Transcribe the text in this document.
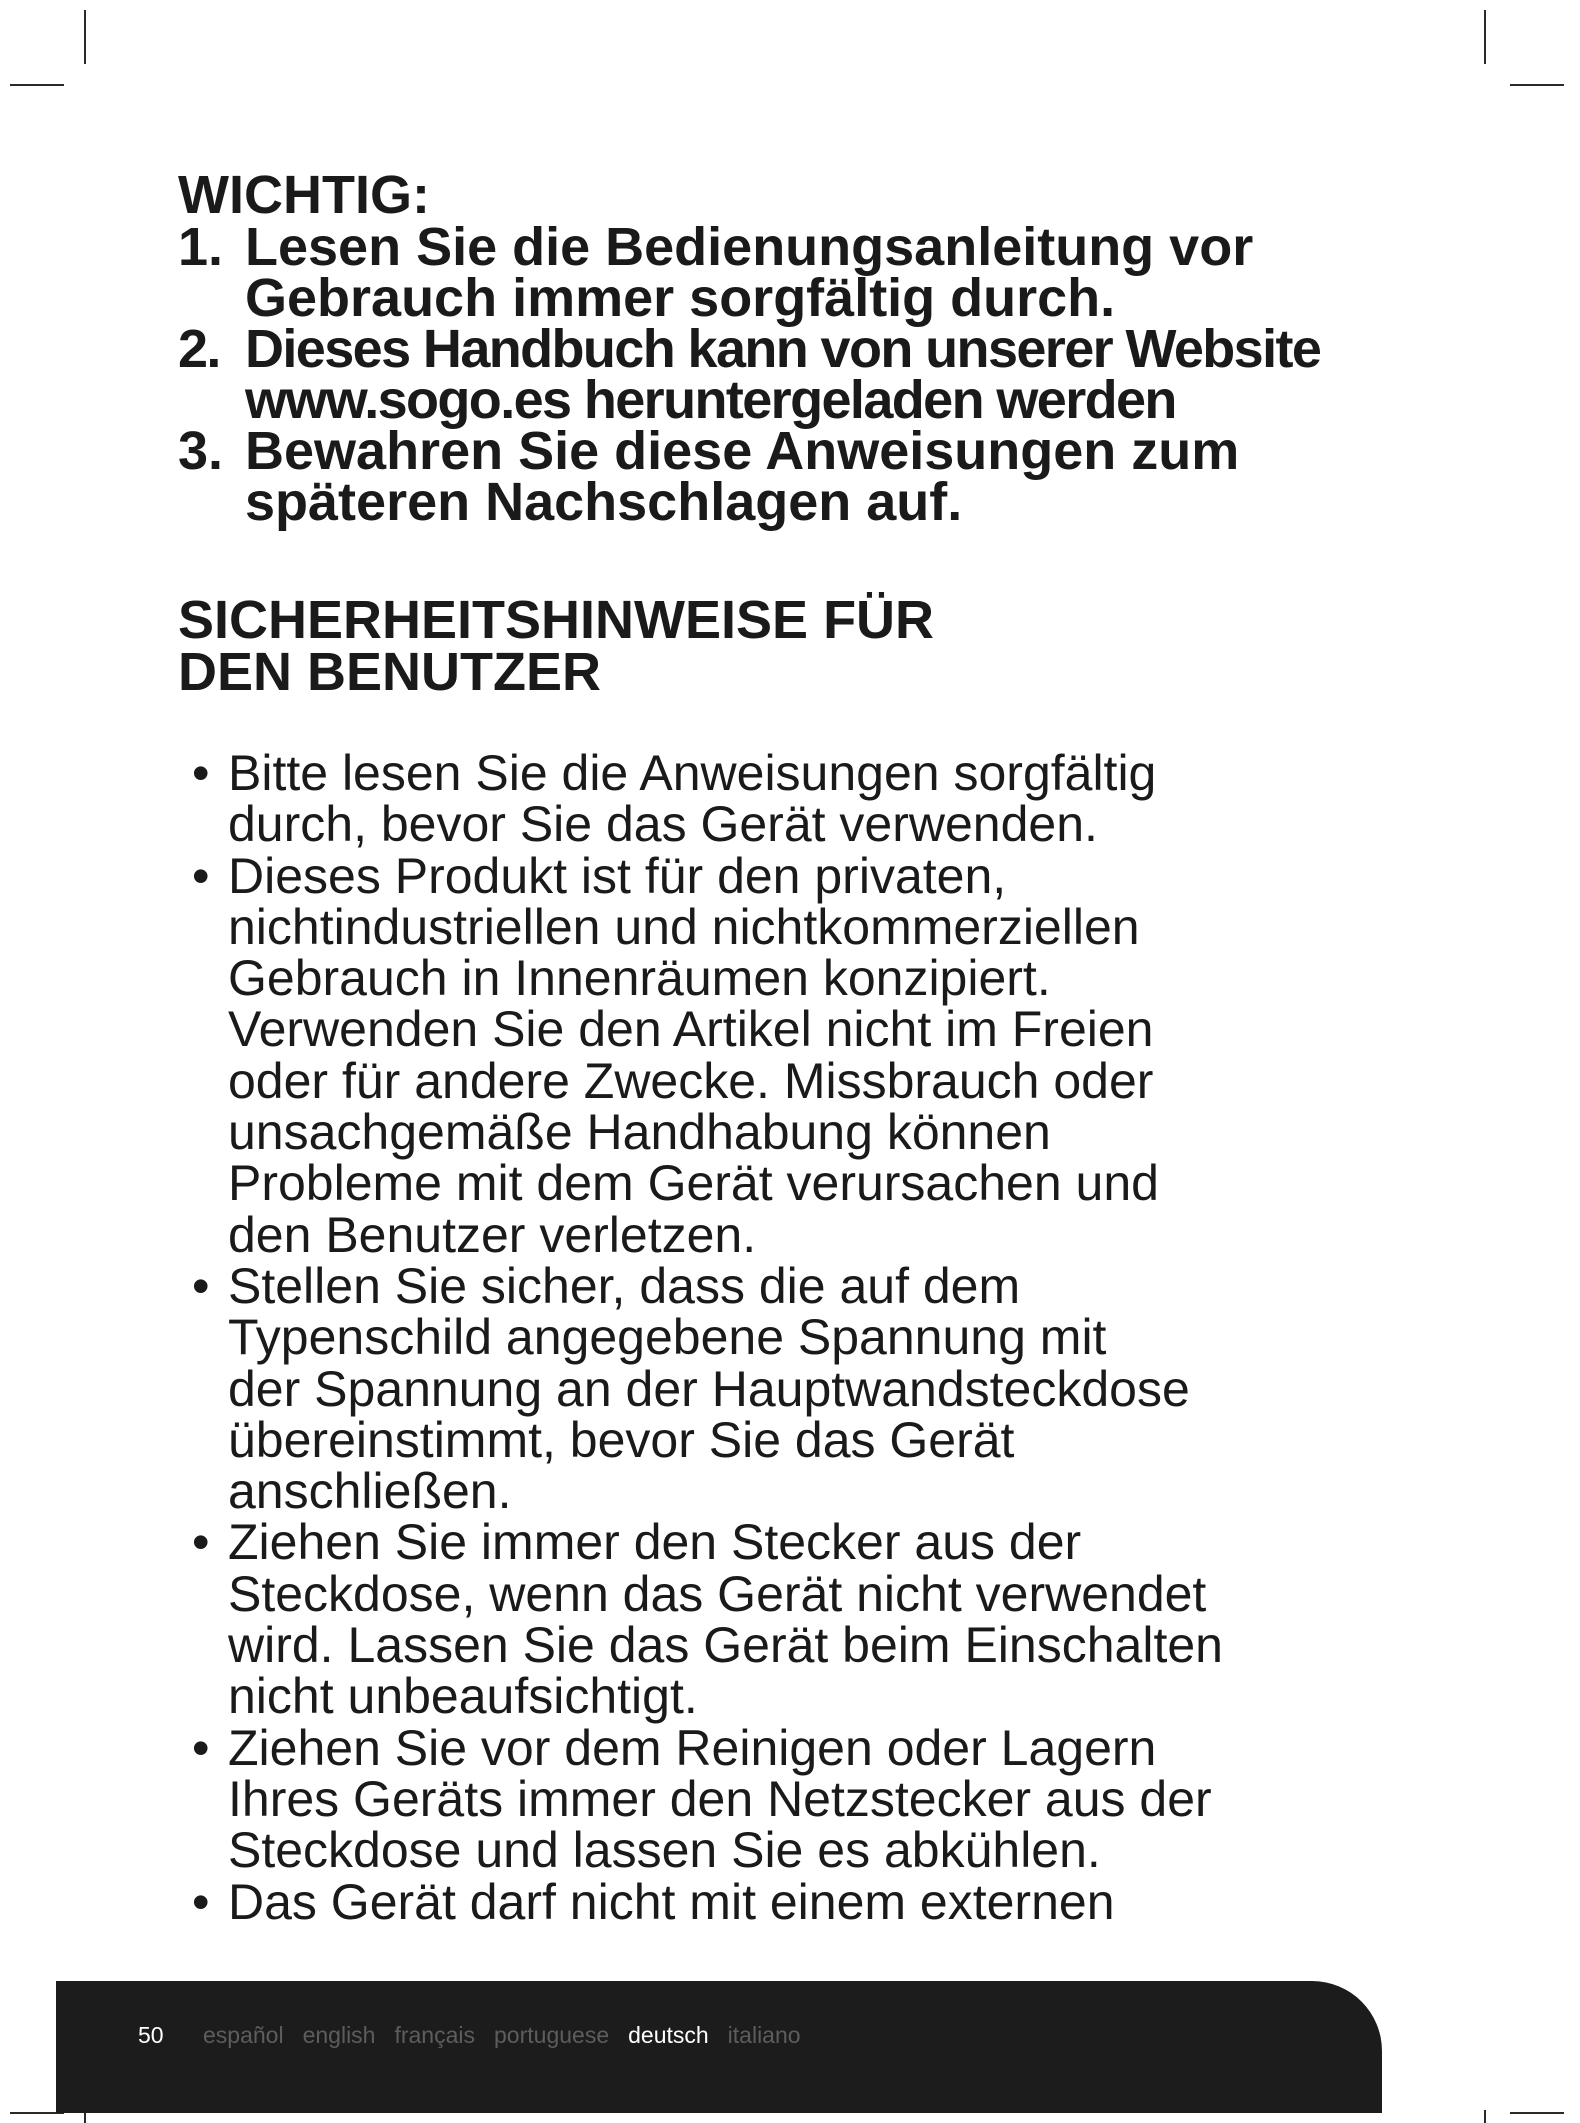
WICHTIG:
1. Lesen Sie die Bedienungsanleitung vor
Gebrauch immer sorgfältig durch.
2. Dieses Handbuch kann von unserer Website
www.sogo.es heruntergeladen werden
3. Bewahren Sie diese Anweisungen zum
späteren Nachschlagen auf.
SICHERHEITSHINWEISE FÜR
DEN BENUTZER
• Bitte lesen Sie die Anweisungen sorgfältig
durch, bevor Sie das Gerät verwenden.
• Dieses Produkt ist für den privaten,
nichtindustriellen und nichtkommerziellen
Gebrauch in Innenräumen konzipiert.
Verwenden Sie den Artikel nicht im Freien
oder für andere Zwecke. Missbrauch oder
unsachgemäße Handhabung können
Probleme mit dem Gerät verursachen und
den Benutzer verletzen.
• Stellen Sie sicher, dass die auf dem
Typenschild angegebene Spannung mit
der Spannung an der Hauptwandsteckdose
übereinstimmt, bevor Sie das Gerät
anschließen.
• Ziehen Sie immer den Stecker aus der
Steckdose, wenn das Gerät nicht verwendet
wird. Lassen Sie das Gerät beim Einschalten
nicht unbeaufsichtigt.
• Ziehen Sie vor dem Reinigen oder Lagern
Ihres Geräts immer den Netzstecker aus der
Steckdose und lassen Sie es abkühlen.
• Das Gerät darf nicht mit einem externen
50 español english français portuguese deutsch italiano
